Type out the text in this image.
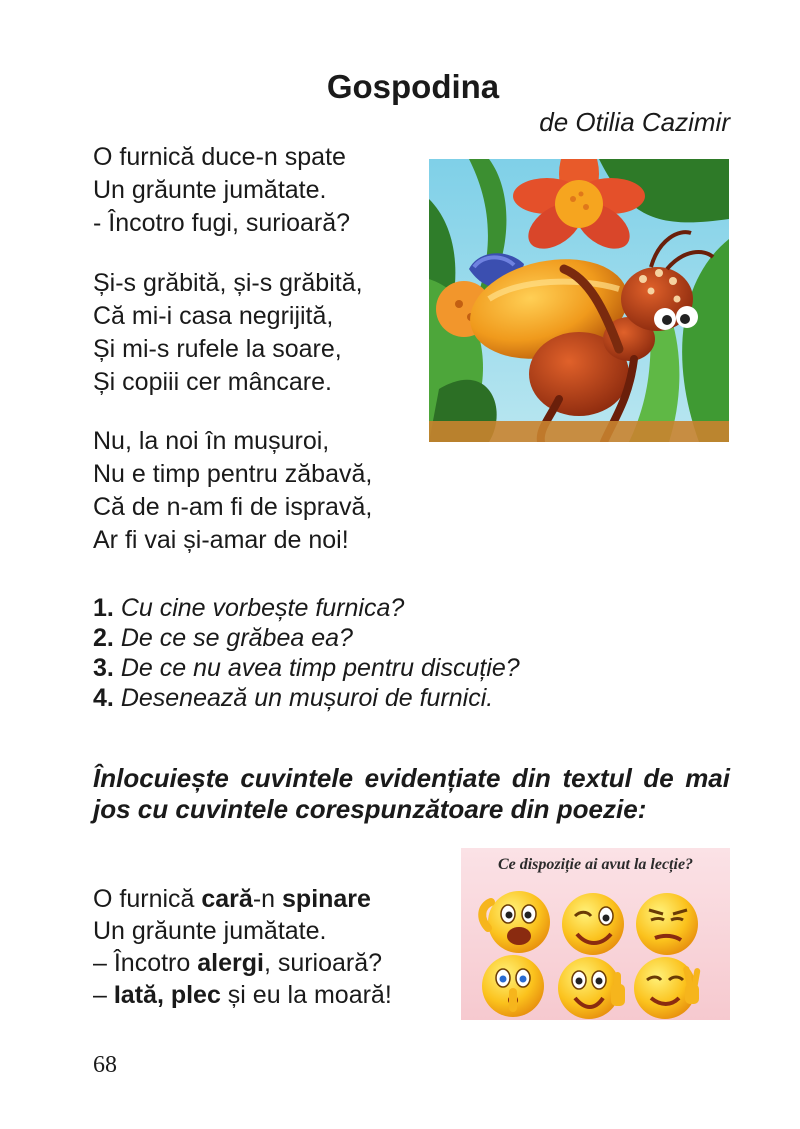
Gospodina

de Otilia Cazimir

O furnică duce-n spate
Un grăunte jumătate.
- Încotro fugi, surioară?
Și-s grăbită, și-s grăbită,
Că mi-i casa negrijită,
Și mi-s rufele la soare,
Și copiii cer mâncare.
Nu, la noi în mușuroi,
Nu e timp pentru zăbavă,
Că de n-am fi de ispravă,
Ar fi vai și-amar de noi!
1. Cu cine vorbește furnica?
2. De ce se grăbea ea?
3. De ce nu avea timp pentru discuție?
4. Desenează un mușuroi de furnici.

Înlocuiește cuvintele evidențiate din textul de mai jos cu cuvintele corespunzătoare din poezie:

O furnică cară-n spinare
Un grăunte jumătate.
– Încotro alergi, surioară?
– Iată, plec și eu la moară!
Ce dispoziție ai avut la lecție?
68
